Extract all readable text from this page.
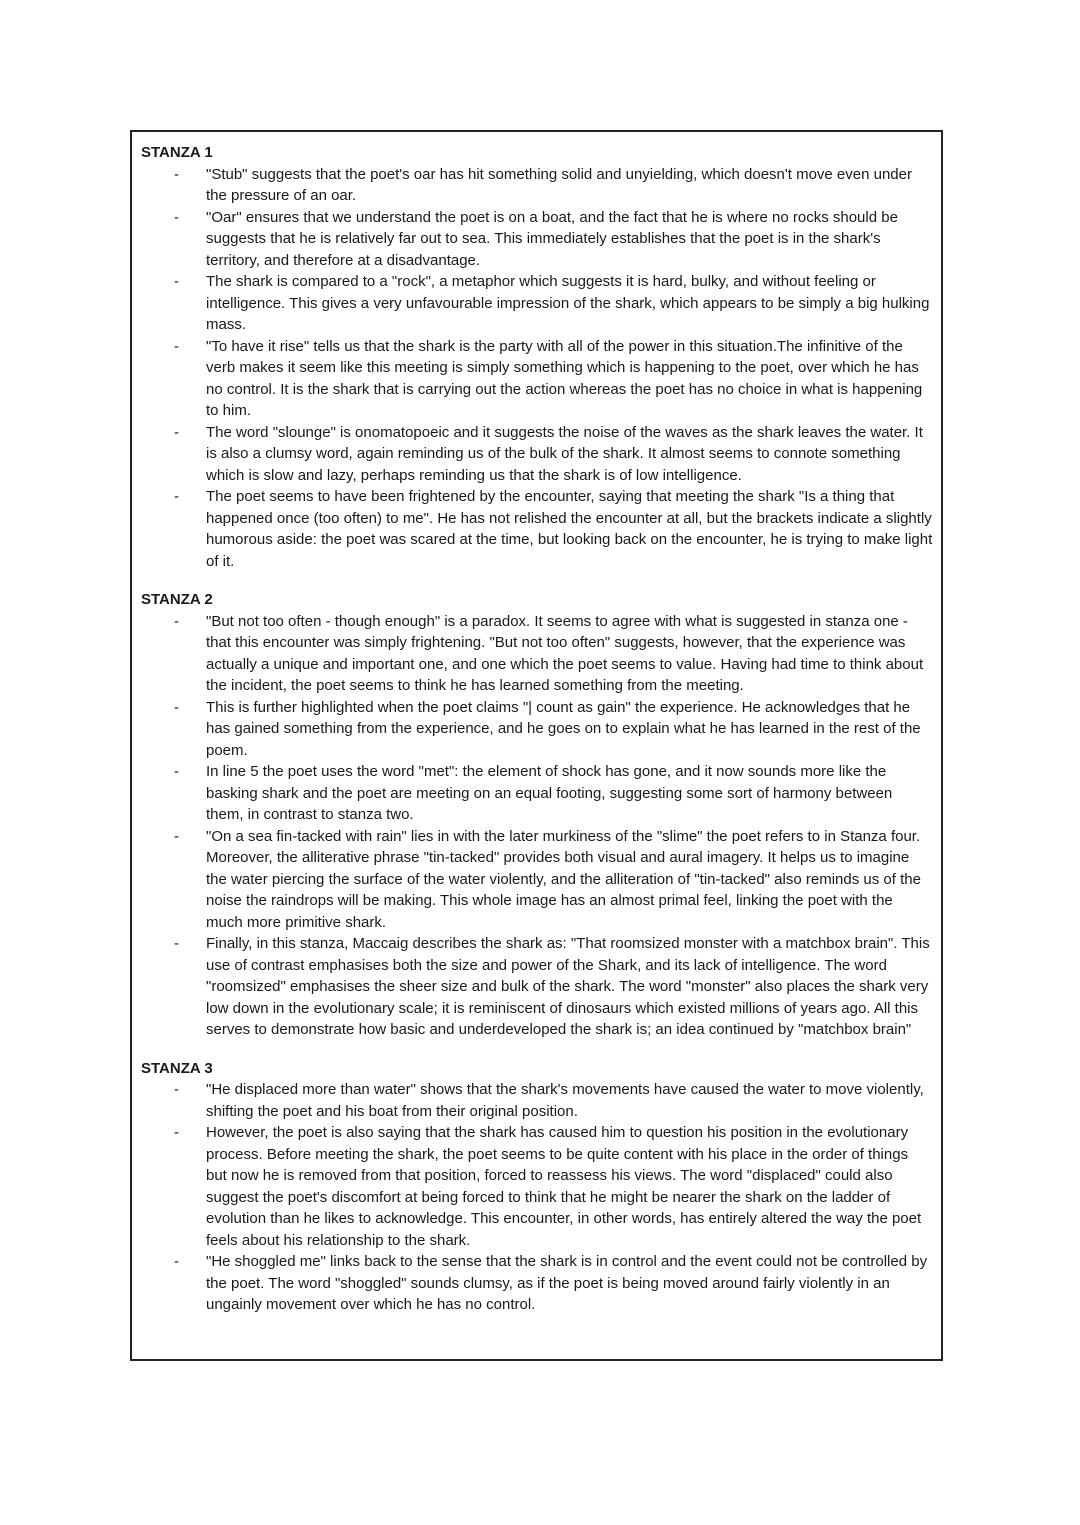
STANZA 1
- "Stub" suggests that the poet's oar has hit something solid and unyielding, which doesn't move even under the pressure of an oar.
- "Oar" ensures that we understand the poet is on a boat, and the fact that he is where no rocks should be suggests that he is relatively far out to sea. This immediately establishes that the poet is in the shark's territory, and therefore at a disadvantage.
- The shark is compared to a "rock", a metaphor which suggests it is hard, bulky, and without feeling or intelligence. This gives a very unfavourable impression of the shark, which appears to be simply a big hulking mass.
- "To have it rise" tells us that the shark is the party with all of the power in this situation.The infinitive of the verb makes it seem like this meeting is simply something which is happening to the poet, over which he has no control. It is the shark that is carrying out the action whereas the poet has no choice in what is happening to him.
- The word "slounge" is onomatopoeic and it suggests the noise of the waves as the shark leaves the water. It is also a clumsy word, again reminding us of the bulk of the shark. It almost seems to connote something which is slow and lazy, perhaps reminding us that the shark is of low intelligence.
- The poet seems to have been frightened by the encounter, saying that meeting the shark "Is a thing that happened once (too often) to me". He has not relished the encounter at all, but the brackets indicate a slightly humorous aside: the poet was scared at the time, but looking back on the encounter, he is trying to make light of it.
STANZA 2
- "But not too often - though enough" is a paradox. It seems to agree with what is suggested in stanza one - that this encounter was simply frightening. "But not too often" suggests, however, that the experience was actually a unique and important one, and one which the poet seems to value. Having had time to think about the incident, the poet seems to think he has learned something from the meeting.
- This is further highlighted when the poet claims "| count as gain" the experience. He acknowledges that he has gained something from the experience, and he goes on to explain what he has learned in the rest of the poem.
- In line 5 the poet uses the word "met": the element of shock has gone, and it now sounds more like the basking shark and the poet are meeting on an equal footing, suggesting some sort of harmony between them, in contrast to stanza two.
- "On a sea fin-tacked with rain" lies in with the later murkiness of the "slime" the poet refers to in Stanza four. Moreover, the alliterative phrase "tin-tacked" provides both visual and aural imagery. It helps us to imagine the water piercing the surface of the water violently, and the alliteration of "tin-tacked" also reminds us of the noise the raindrops will be making. This whole image has an almost primal feel, linking the poet with the much more primitive shark.
- Finally, in this stanza, Maccaig describes the shark as: "That roomsized monster with a matchbox brain". This use of contrast emphasises both the size and power of the Shark, and its lack of intelligence. The word "roomsized" emphasises the sheer size and bulk of the shark. The word "monster" also places the shark very low down in the evolutionary scale; it is reminiscent of dinosaurs which existed millions of years ago. All this serves to demonstrate how basic and underdeveloped the shark is; an idea continued by "matchbox brain"
STANZA 3
- "He displaced more than water" shows that the shark's movements have caused the water to move violently, shifting the poet and his boat from their original position.
- However, the poet is also saying that the shark has caused him to question his position in the evolutionary process. Before meeting the shark, the poet seems to be quite content with his place in the order of things but now he is removed from that position, forced to reassess his views. The word "displaced" could also suggest the poet's discomfort at being forced to think that he might be nearer the shark on the ladder of evolution than he likes to acknowledge. This encounter, in other words, has entirely altered the way the poet feels about his relationship to the shark.
- "He shoggled me" links back to the sense that the shark is in control and the event could not be controlled by the poet. The word "shoggled" sounds clumsy, as if the poet is being moved around fairly violently in an ungainly movement over which he has no control.
